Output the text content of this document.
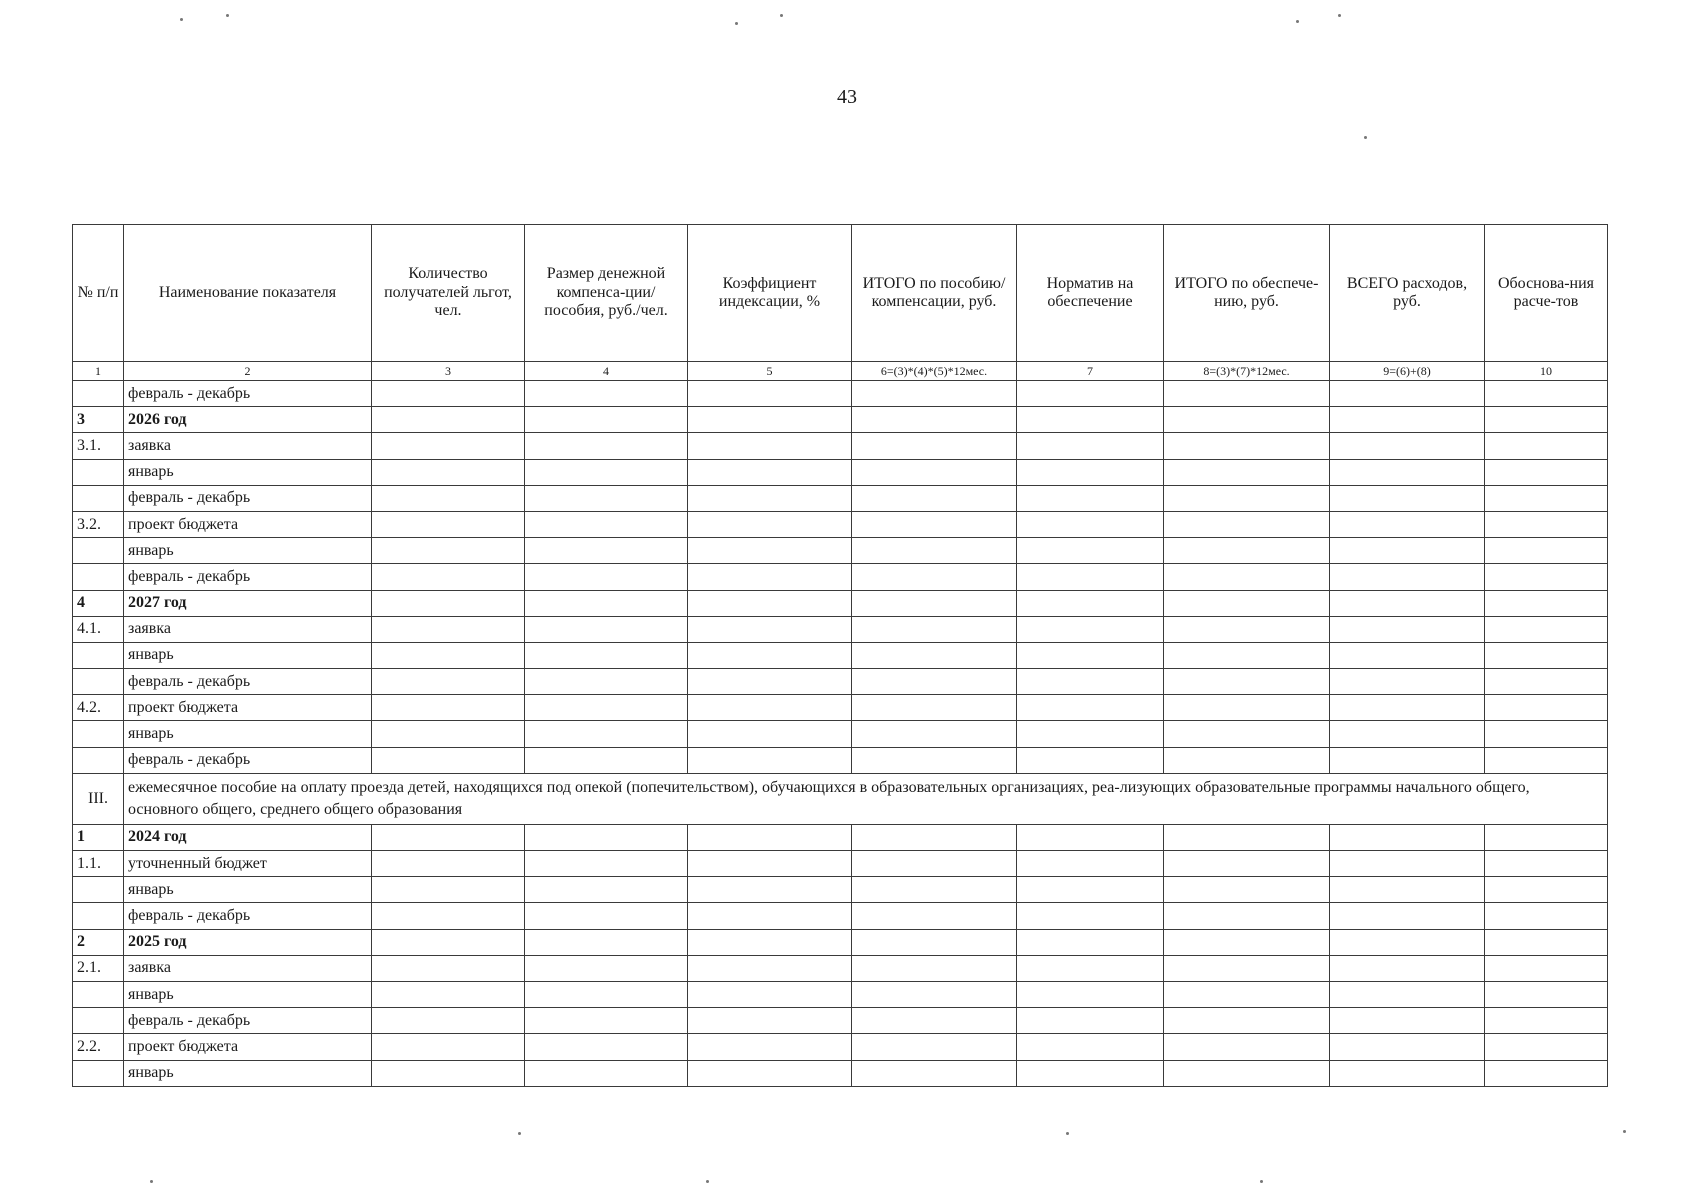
43
№ п/п	Наименование показателя	Количество получателей льгот, чел.	Размер денежной компенса-ции/пособия, руб./чел.	Коэффициент индексации, %	ИТОГО по пособию/ компенсации, руб.	Норматив на обеспечение	ИТОГО по обеспече-нию, руб.	ВСЕГО расходов, руб.	Обоснова-ния расче-тов
1	2	3	4	5	6=(3)*(4)*(5)*12мес.	7	8=(3)*(7)*12мес.	9=(6)+(8)	10
	февраль - декабрь								
3	2026 год								
3.1.	заявка								
	январь								
	февраль - декабрь								
3.2.	проект бюджета								
	январь								
	февраль - декабрь								
4	2027 год								
4.1.	заявка								
	январь								
	февраль - декабрь								
4.2.	проект бюджета								
	январь								
	февраль - декабрь								
III.	ежемесячное пособие на оплату проезда детей, находящихся под опекой (попечительством), обучающихся в образовательных организациях, реа-лизующих образовательные программы начального общего, основного общего, среднего общего образования								
1	2024 год								
1.1.	уточненный бюджет								
	январь								
	февраль - декабрь								
2	2025 год								
2.1.	заявка								
	январь								
	февраль - декабрь								
2.2.	проект бюджета								
	январь								
